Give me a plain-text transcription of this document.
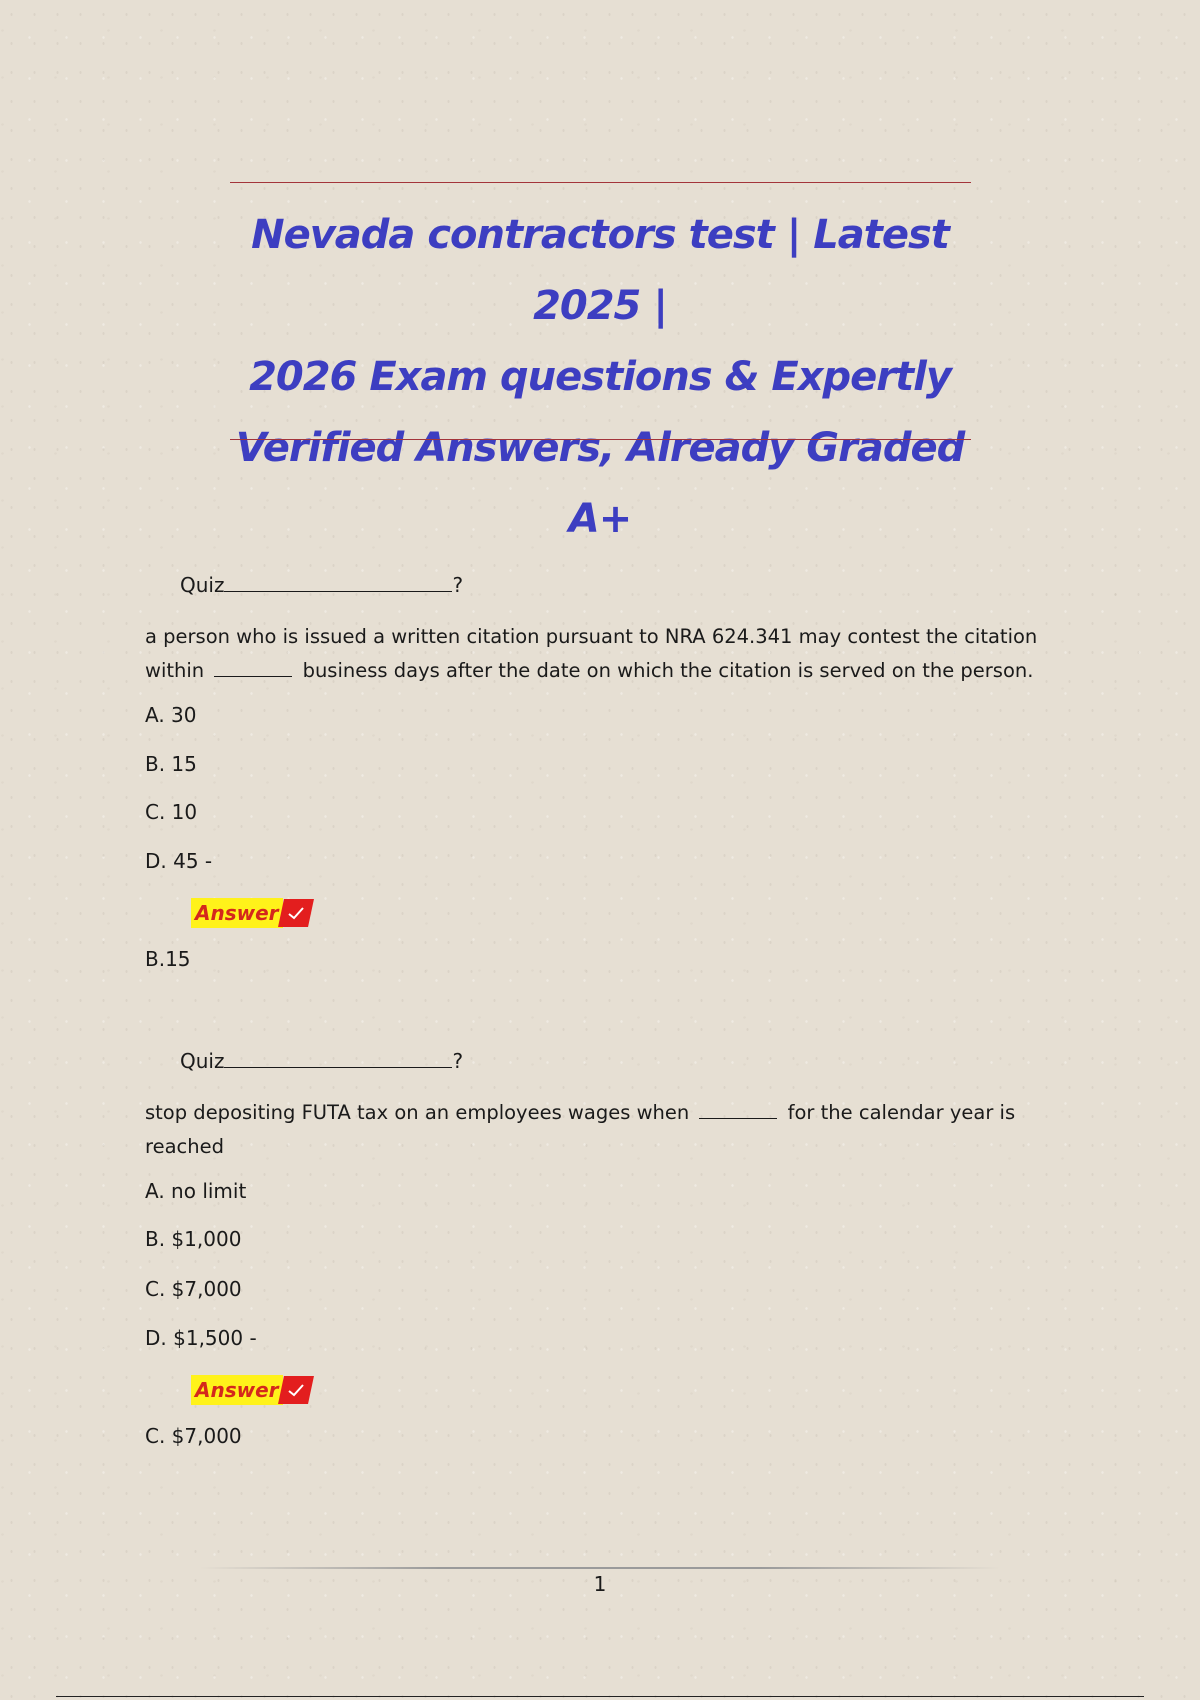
Nevada contractors test | Latest 2025 |
2026 Exam questions & Expertly
Verified Answers, Already Graded A+
Quiz	?
a person who is issued a written citation pursuant to NRA 624.341 may contest the citation within	business days after the date on which the citation is served on the person.
A. 30
B. 15
C. 10
D. 45 -
Answer
B.15
Quiz	?
stop depositing FUTA tax on an employees wages when	for the calendar year is reached
A. no limit
B. $1,000
C. $7,000
D. $1,500 -
Answer
C. $7,000
1
